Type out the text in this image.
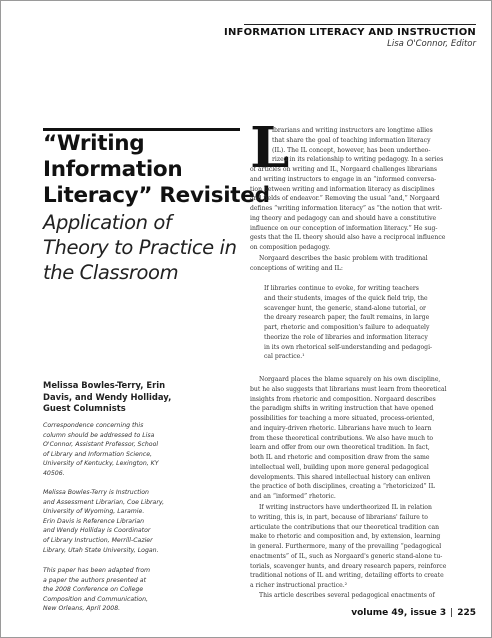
INFORMATION LITERACY AND INSTRUCTION
Lisa O'Connor, Editor
“Writing
Information
Literacy” Revisited
Application of
Theory to Practice in
the Classroom
Melissa Bowles-Terry, Erin
Davis, and Wendy Holliday,
Guest Columnists
Correspondence concerning this
column should be addressed to Lisa
O'Connor, Assistant Professor, School
of Library and Information Science,
University of Kentucky, Lexington, KY
40506.
Melissa Bowles-Terry is Instruction
and Assessment Librarian, Coe Library,
University of Wyoming, Laramie.
Erin Davis is Reference Librarian
and Wendy Holliday is Coordinator
of Library Instruction, Merrill-Cazier
Library, Utah State University, Logan.
This paper has been adapted from
a paper the authors presented at
the 2008 Conference on College
Composition and Communication,
New Orleans, April 2008.
L
ibrarians and writing instructors are longtime allies
that share the goal of teaching information literacy
(IL). The IL concept, however, has been undertheo-
rized in its relationship to writing pedagogy. In a series
of articles on writing and IL, Norgaard challenges librarians
and writing instructors to engage in an “informed conversa-
tion between writing and information literacy as disciplines
and fields of endeavor.” Removing the usual “and,” Norgaard
defines “writing information literacy” as “the notion that writ-
ing theory and pedagogy can and should have a constitutive
influence on our conception of information literacy.” He sug-
gests that the IL theory should also have a reciprocal influence
on composition pedagogy.
Norgaard describes the basic problem with traditional
conceptions of writing and IL:
If libraries continue to evoke, for writing teachers
and their students, images of the quick field trip, the
scavenger hunt, the generic, stand-alone tutorial, or
the dreary research paper, the fault remains, in large
part, rhetoric and composition's failure to adequately
theorize the role of libraries and information literacy
in its own rhetorical self-understanding and pedagogi-
cal practice.¹
Norgaard places the blame squarely on his own discipline,
but he also suggests that librarians must learn from theoretical
insights from rhetoric and composition. Norgaard describes
the paradigm shifts in writing instruction that have opened
possibilities for teaching a more situated, process-oriented,
and inquiry-driven rhetoric. Librarians have much to learn
from these theoretical contributions. We also have much to
learn and offer from our own theoretical tradition. In fact,
both IL and rhetoric and composition draw from the same
intellectual well, building upon more general pedagogical
developments. This shared intellectual history can enliven
the practice of both disciplines, creating a “rhetoricized” IL
and an “informed” rhetoric.
If writing instructors have undertheorized IL in relation
to writing, this is, in part, because of librarians' failure to
articulate the contributions that our theoretical tradition can
make to rhetoric and composition and, by extension, learning
in general. Furthermore, many of the prevailing “pedagogical
enactments” of IL, such as Norgaard's generic stand-alone tu-
torials, scavenger hunts, and dreary research papers, reinforce
traditional notions of IL and writing, detailing efforts to create
a richer instructional practice.²
This article describes several pedagogical enactments of
volume 49, issue 3 | 225
